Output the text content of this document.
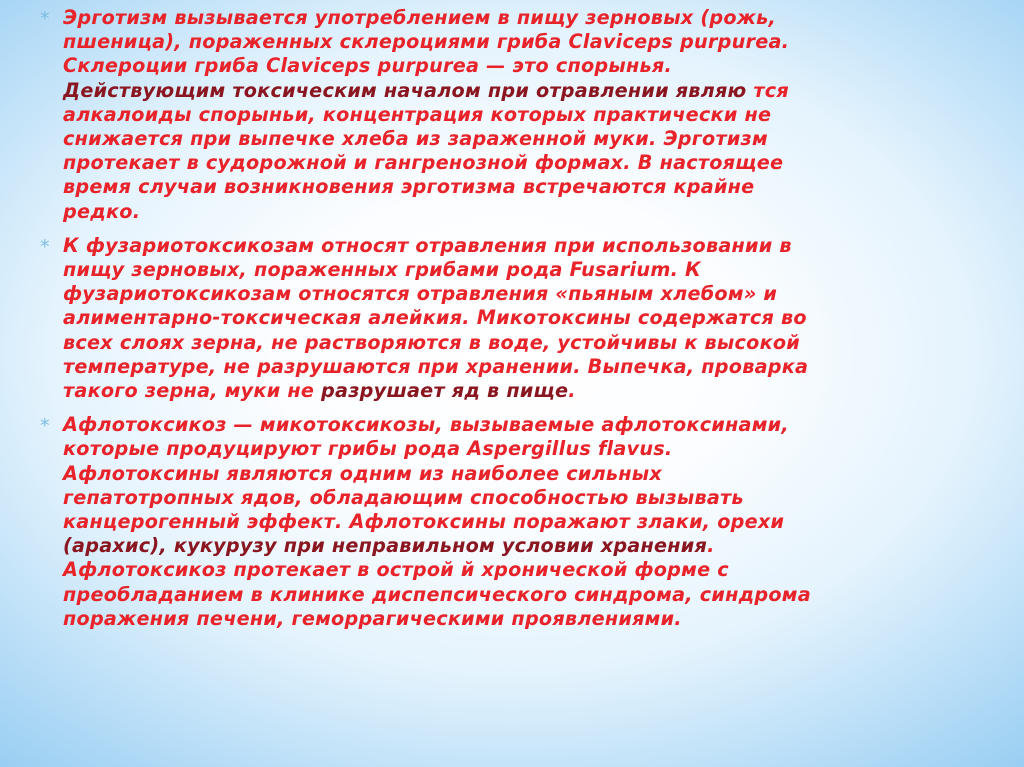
* Эрготизм вызывается употреблением в пищу зерновых (рожь, пшеница), пораженных склероциями гриба Claviceps purpurea. Склероции гриба Claviceps purpurea — это спорынья. Действующим токсическим началом при отравлении являю тся алкалоиды спорыньи, концентрация которых практически не снижается при выпечке хлеба из зараженной муки. Эрготизм протекает в судорожной и гангренозной формах. В настоящее время случаи возникновения эрготизма встречаются крайне редко.
* К фузариотоксикозам относят отравления при использовании в пищу зерновых, пораженных грибами рода Fusarium. К фузариотоксикозам относятся отравления «пьяным хлебом» и алиментарно-токсическая алейкия. Микотоксины содержатся во всех слоях зерна, не растворяются в воде, устойчивы к высокой температуре, не разрушаются при хранении. Выпечка, проварка такого зерна, муки не разрушает яд в пище.
* Афлотоксикоз — микотоксикозы, вызываемые афлотоксинами, которые продуцируют грибы рода Aspergillus flavus. Афлотоксины являются одним из наиболее сильных гепатотропных ядов, обладающим способностью вызывать канцерогенный эффект. Афлотоксины поражают злаки, орехи (арахис), кукурузу при неправильном условии хранения. Афлотоксикоз протекает в острой й хронической форме с преобладанием в клинике диспепсического синдрома, синдрома поражения печени, геморрагическими проявлениями.
